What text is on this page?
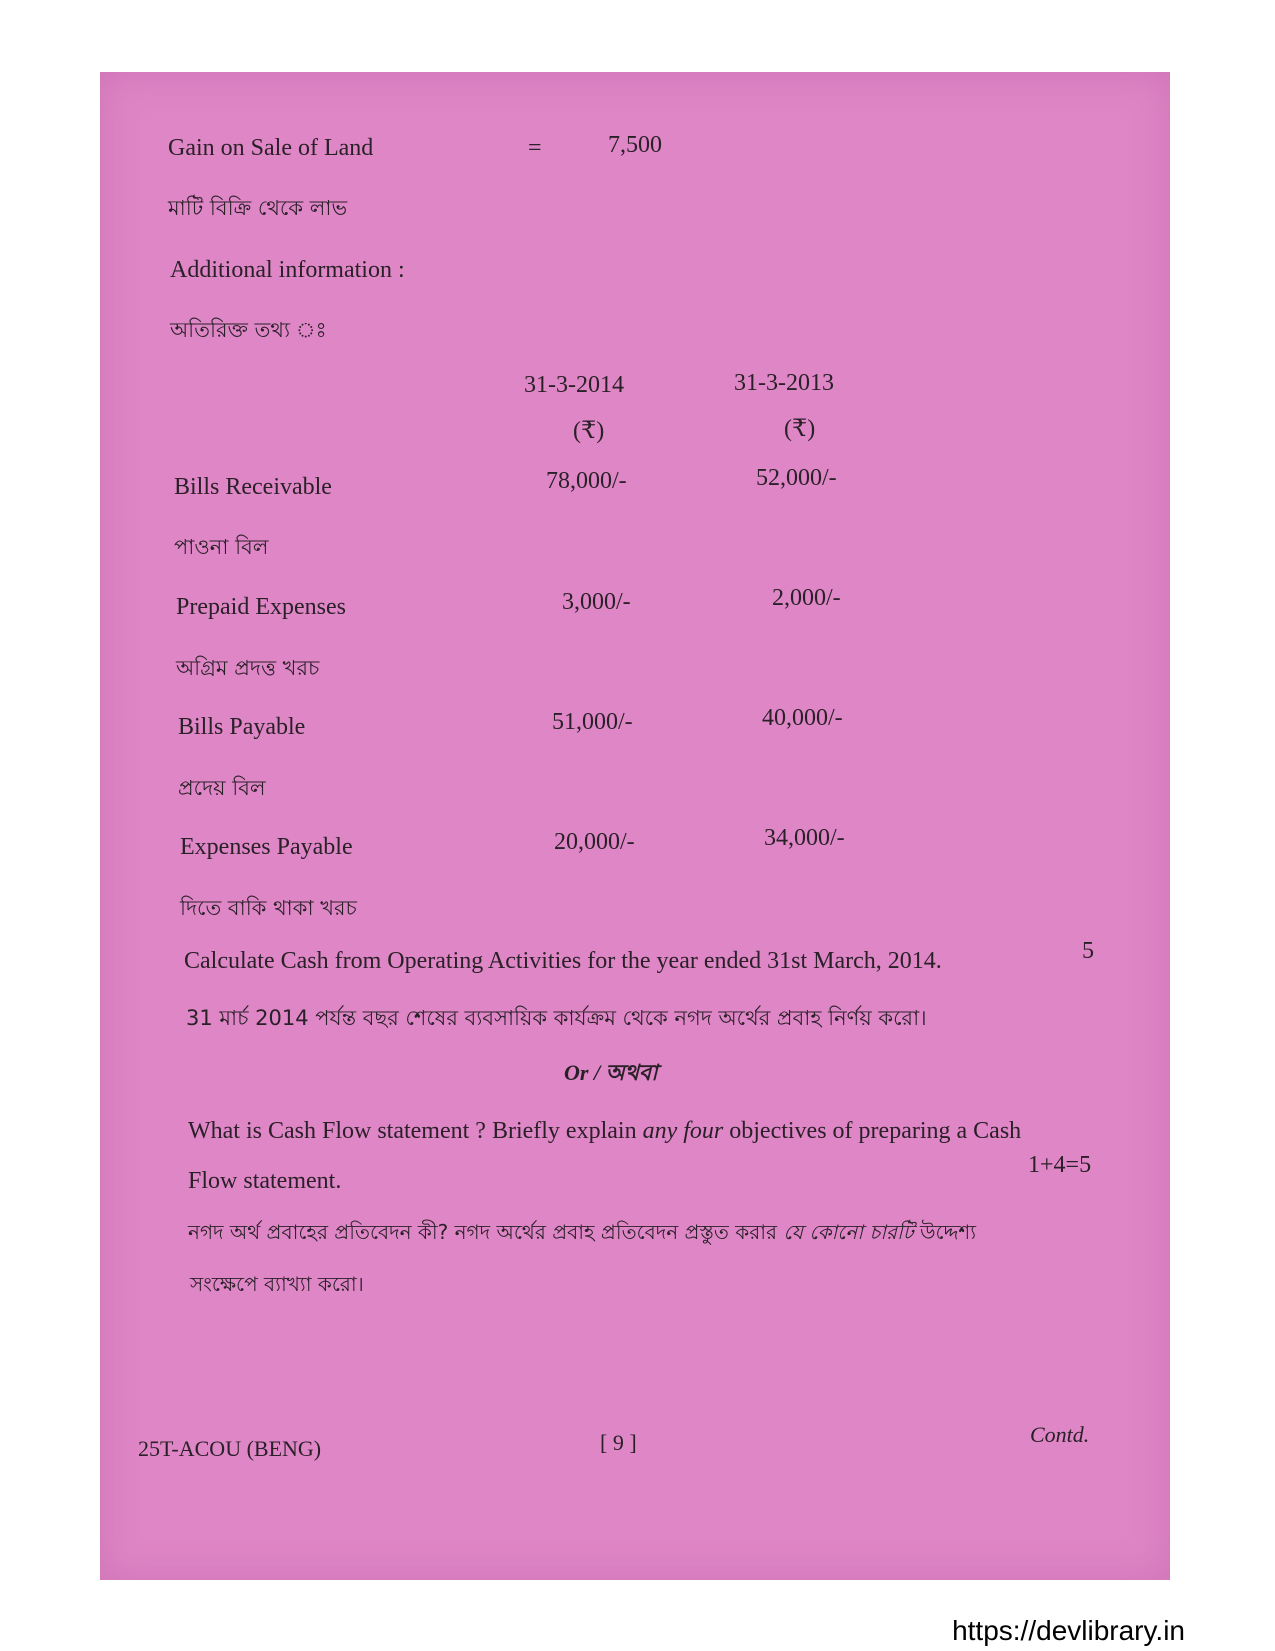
Gain on Sale of Land	=	7,500
মাটি বিক্রি থেকে লাভ
Additional information :
অতিরিক্ত তথ্য ঃ
31-3-2014	31-3-2013
(₹)	(₹)
Bills Receivable	78,000/-	52,000/-
পাওনা বিল
Prepaid Expenses	3,000/-	2,000/-
অগ্রিম প্রদত্ত খরচ
Bills Payable	51,000/-	40,000/-
প্রদেয় বিল
Expenses Payable	20,000/-	34,000/-
দিতে বাকি থাকা খরচ
Calculate Cash from Operating Activities for the year ended 31st March, 2014.	5
31 মার্চ 2014 পর্যন্ত বছর শেষের ব্যবসায়িক কার্যক্রম থেকে নগদ অর্থের প্রবাহ নির্ণয় করো।
Or / অথবা
What is Cash Flow statement ? Briefly explain any four objectives of preparing a Cash
Flow statement.
1+4=5
নগদ অর্থ প্রবাহের প্রতিবেদন কী? নগদ অর্থের প্রবাহ প্রতিবেদন প্রস্তুত করার যে কোনো চারটি উদ্দেশ্য
সংক্ষেপে ব্যাখ্যা করো।
25T-ACOU (BENG)	[ 9 ]	Contd.
https://devlibrary.in
